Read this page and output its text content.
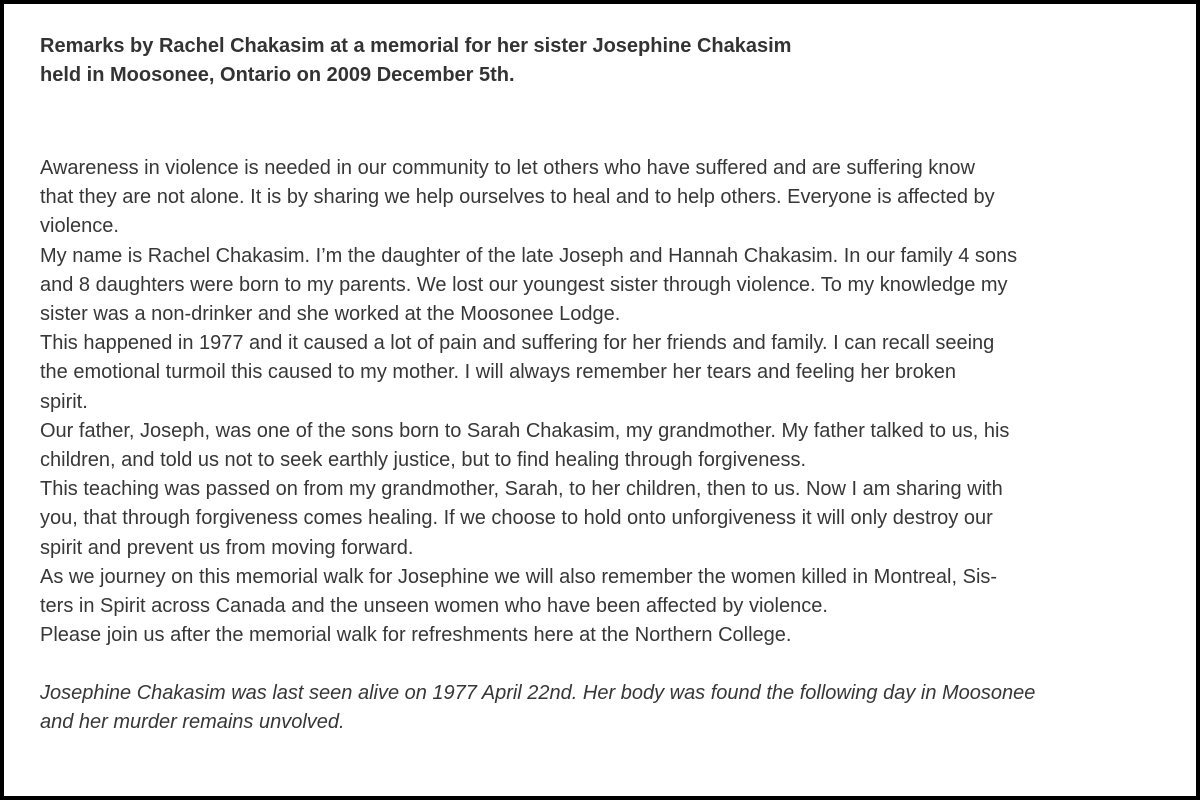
Remarks by Rachel Chakasim at a memorial for her sister Josephine Chakasim
held in Moosonee, Ontario on 2009 December 5th.
Awareness in violence is needed in our community to let others who have suffered and are suffering know
that they are not alone. It is by sharing we help ourselves to heal and to help others. Everyone is affected by
violence.
My name is Rachel Chakasim. I’m the daughter of the late Joseph and Hannah Chakasim. In our family 4 sons
and 8 daughters were born to my parents. We lost our youngest sister through violence. To my knowledge my
sister was a non-drinker and she worked at the Moosonee Lodge.
This happened in 1977 and it caused a lot of pain and suffering for her friends and family. I can recall seeing
the emotional turmoil this caused to my mother. I will always remember her tears and feeling her broken
spirit.
Our father, Joseph, was one of the sons born to Sarah Chakasim, my grandmother. My father talked to us, his
children, and told us not to seek earthly justice, but to find healing through forgiveness.
This teaching was passed on from my grandmother, Sarah, to her children, then to us. Now I am sharing with
you, that through forgiveness comes healing. If we choose to hold onto unforgiveness it will only destroy our
spirit and prevent us from moving forward.
As we journey on this memorial walk for Josephine we will also remember the women killed in Montreal, Sis-
ters in Spirit across Canada and the unseen women who have been affected by violence.
Please join us after the memorial walk for refreshments here at the Northern College.
Josephine Chakasim was last seen alive on 1977 April 22nd. Her body was found the following day in Moosonee
and her murder remains unvolved.
